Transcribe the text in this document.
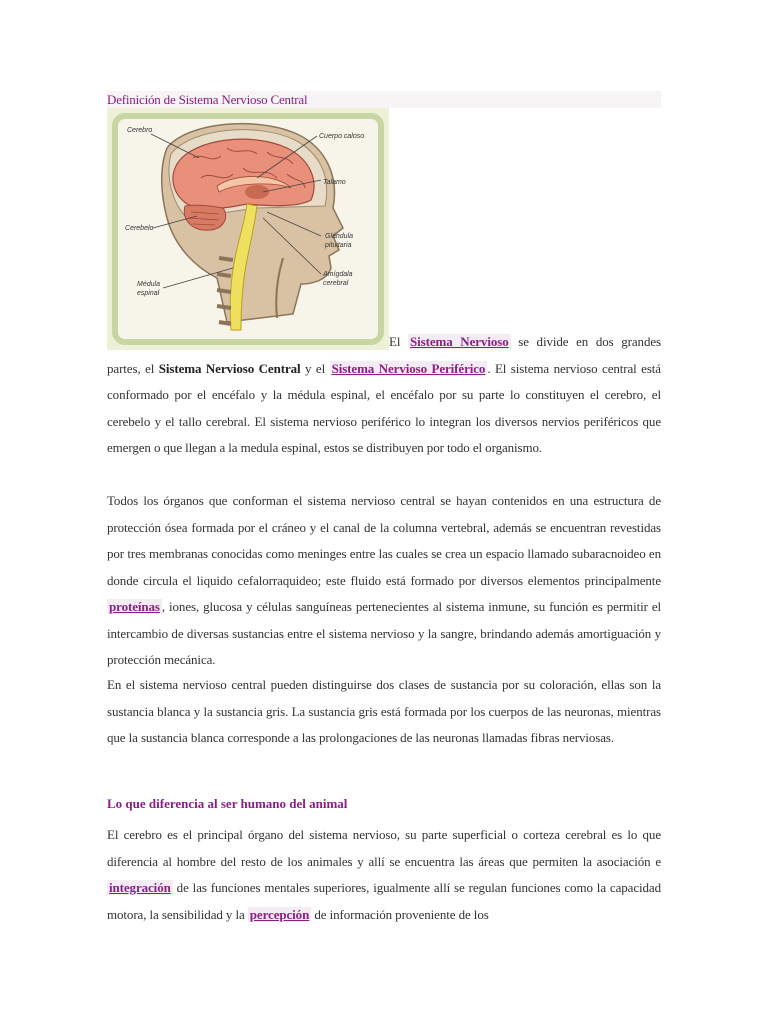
Definición de Sistema Nervioso Central
Cerebro
Cuerpo caloso
Talamo
Cerebelo
Glándula
pituitaria
Médula
espinal
Amígdala
cerebral
El Sistema Nervioso se divide en dos grandes partes, el Sistema Nervioso Central y el Sistema Nervioso Periférico . El sistema nervioso central está conformado por el encéfalo y la médula espinal, el encéfalo por su parte lo constituyen el cerebro, el cerebelo y el tallo cerebral. El sistema nervioso periférico lo integran los diversos nervios periféricos que emergen o que llegan a la medula espinal, estos se distribuyen por todo el organismo.
Todos los órganos que conforman el sistema nervioso central se hayan contenidos en una estructura de protección ósea formada por el cráneo y el canal de la columna vertebral, además se encuentran revestidas por tres membranas conocidas como meninges entre las cuales se crea un espacio llamado subaracnoideo en donde circula el liquido cefalorraquideo; este fluido está formado por diversos elementos principalmente proteínas , iones, glucosa y células sanguíneas pertenecientes al sistema inmune, su función es permitir el intercambio de diversas sustancias entre el sistema nervioso y la sangre, brindando además amortiguación y protección mecánica.
En el sistema nervioso central pueden distinguirse dos clases de sustancia por su coloración, ellas son la sustancia blanca y la sustancia gris. La sustancia gris está formada por los cuerpos de las neuronas, mientras que la sustancia blanca corresponde a las prolongaciones de las neuronas llamadas fibras nerviosas.
Lo que diferencia al ser humano del animal
El cerebro es el principal órgano del sistema nervioso, su parte superficial o corteza cerebral es lo que diferencia al hombre del resto de los animales y allí se encuentra las áreas que permiten la asociación e integración de las funciones mentales superiores, igualmente allí se regulan funciones como la capacidad motora, la sensibilidad y la percepción de información proveniente de los
